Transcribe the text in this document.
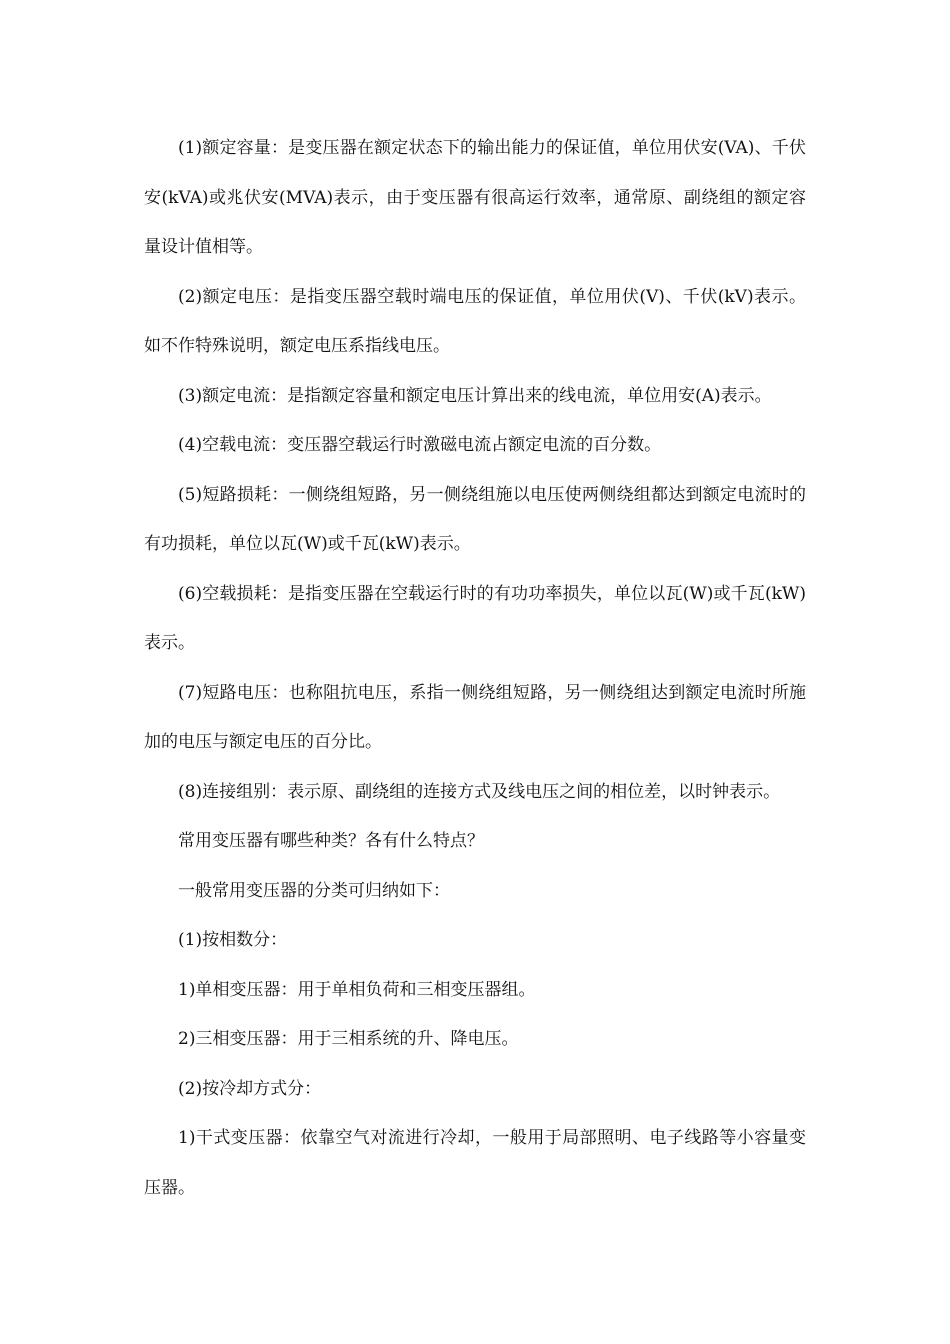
(1)额定容量：是变压器在额定状态下的输出能力的保证值，单位用伏安(VA)、千伏安(kVA)或兆伏安(MVA)表示，由于变压器有很高运行效率，通常原、副绕组的额定容量设计值相等。

(2)额定电压：是指变压器空载时端电压的保证值，单位用伏(V)、千伏(kV)表示。如不作特殊说明，额定电压系指线电压。

(3)额定电流：是指额定容量和额定电压计算出来的线电流，单位用安(A)表示。

(4)空载电流：变压器空载运行时激磁电流占额定电流的百分数。

(5)短路损耗：一侧绕组短路，另一侧绕组施以电压使两侧绕组都达到额定电流时的有功损耗，单位以瓦(W)或千瓦(kW)表示。

(6)空载损耗：是指变压器在空载运行时的有功功率损失，单位以瓦(W)或千瓦(kW)表示。

(7)短路电压：也称阻抗电压，系指一侧绕组短路，另一侧绕组达到额定电流时所施加的电压与额定电压的百分比。

(8)连接组别：表示原、副绕组的连接方式及线电压之间的相位差，以时钟表示。

常用变压器有哪些种类？各有什么特点？

一般常用变压器的分类可归纳如下：

(1)按相数分：

1)单相变压器：用于单相负荷和三相变压器组。

2)三相变压器：用于三相系统的升、降电压。

(2)按冷却方式分：

1)干式变压器：依靠空气对流进行冷却，一般用于局部照明、电子线路等小容量变压器。
